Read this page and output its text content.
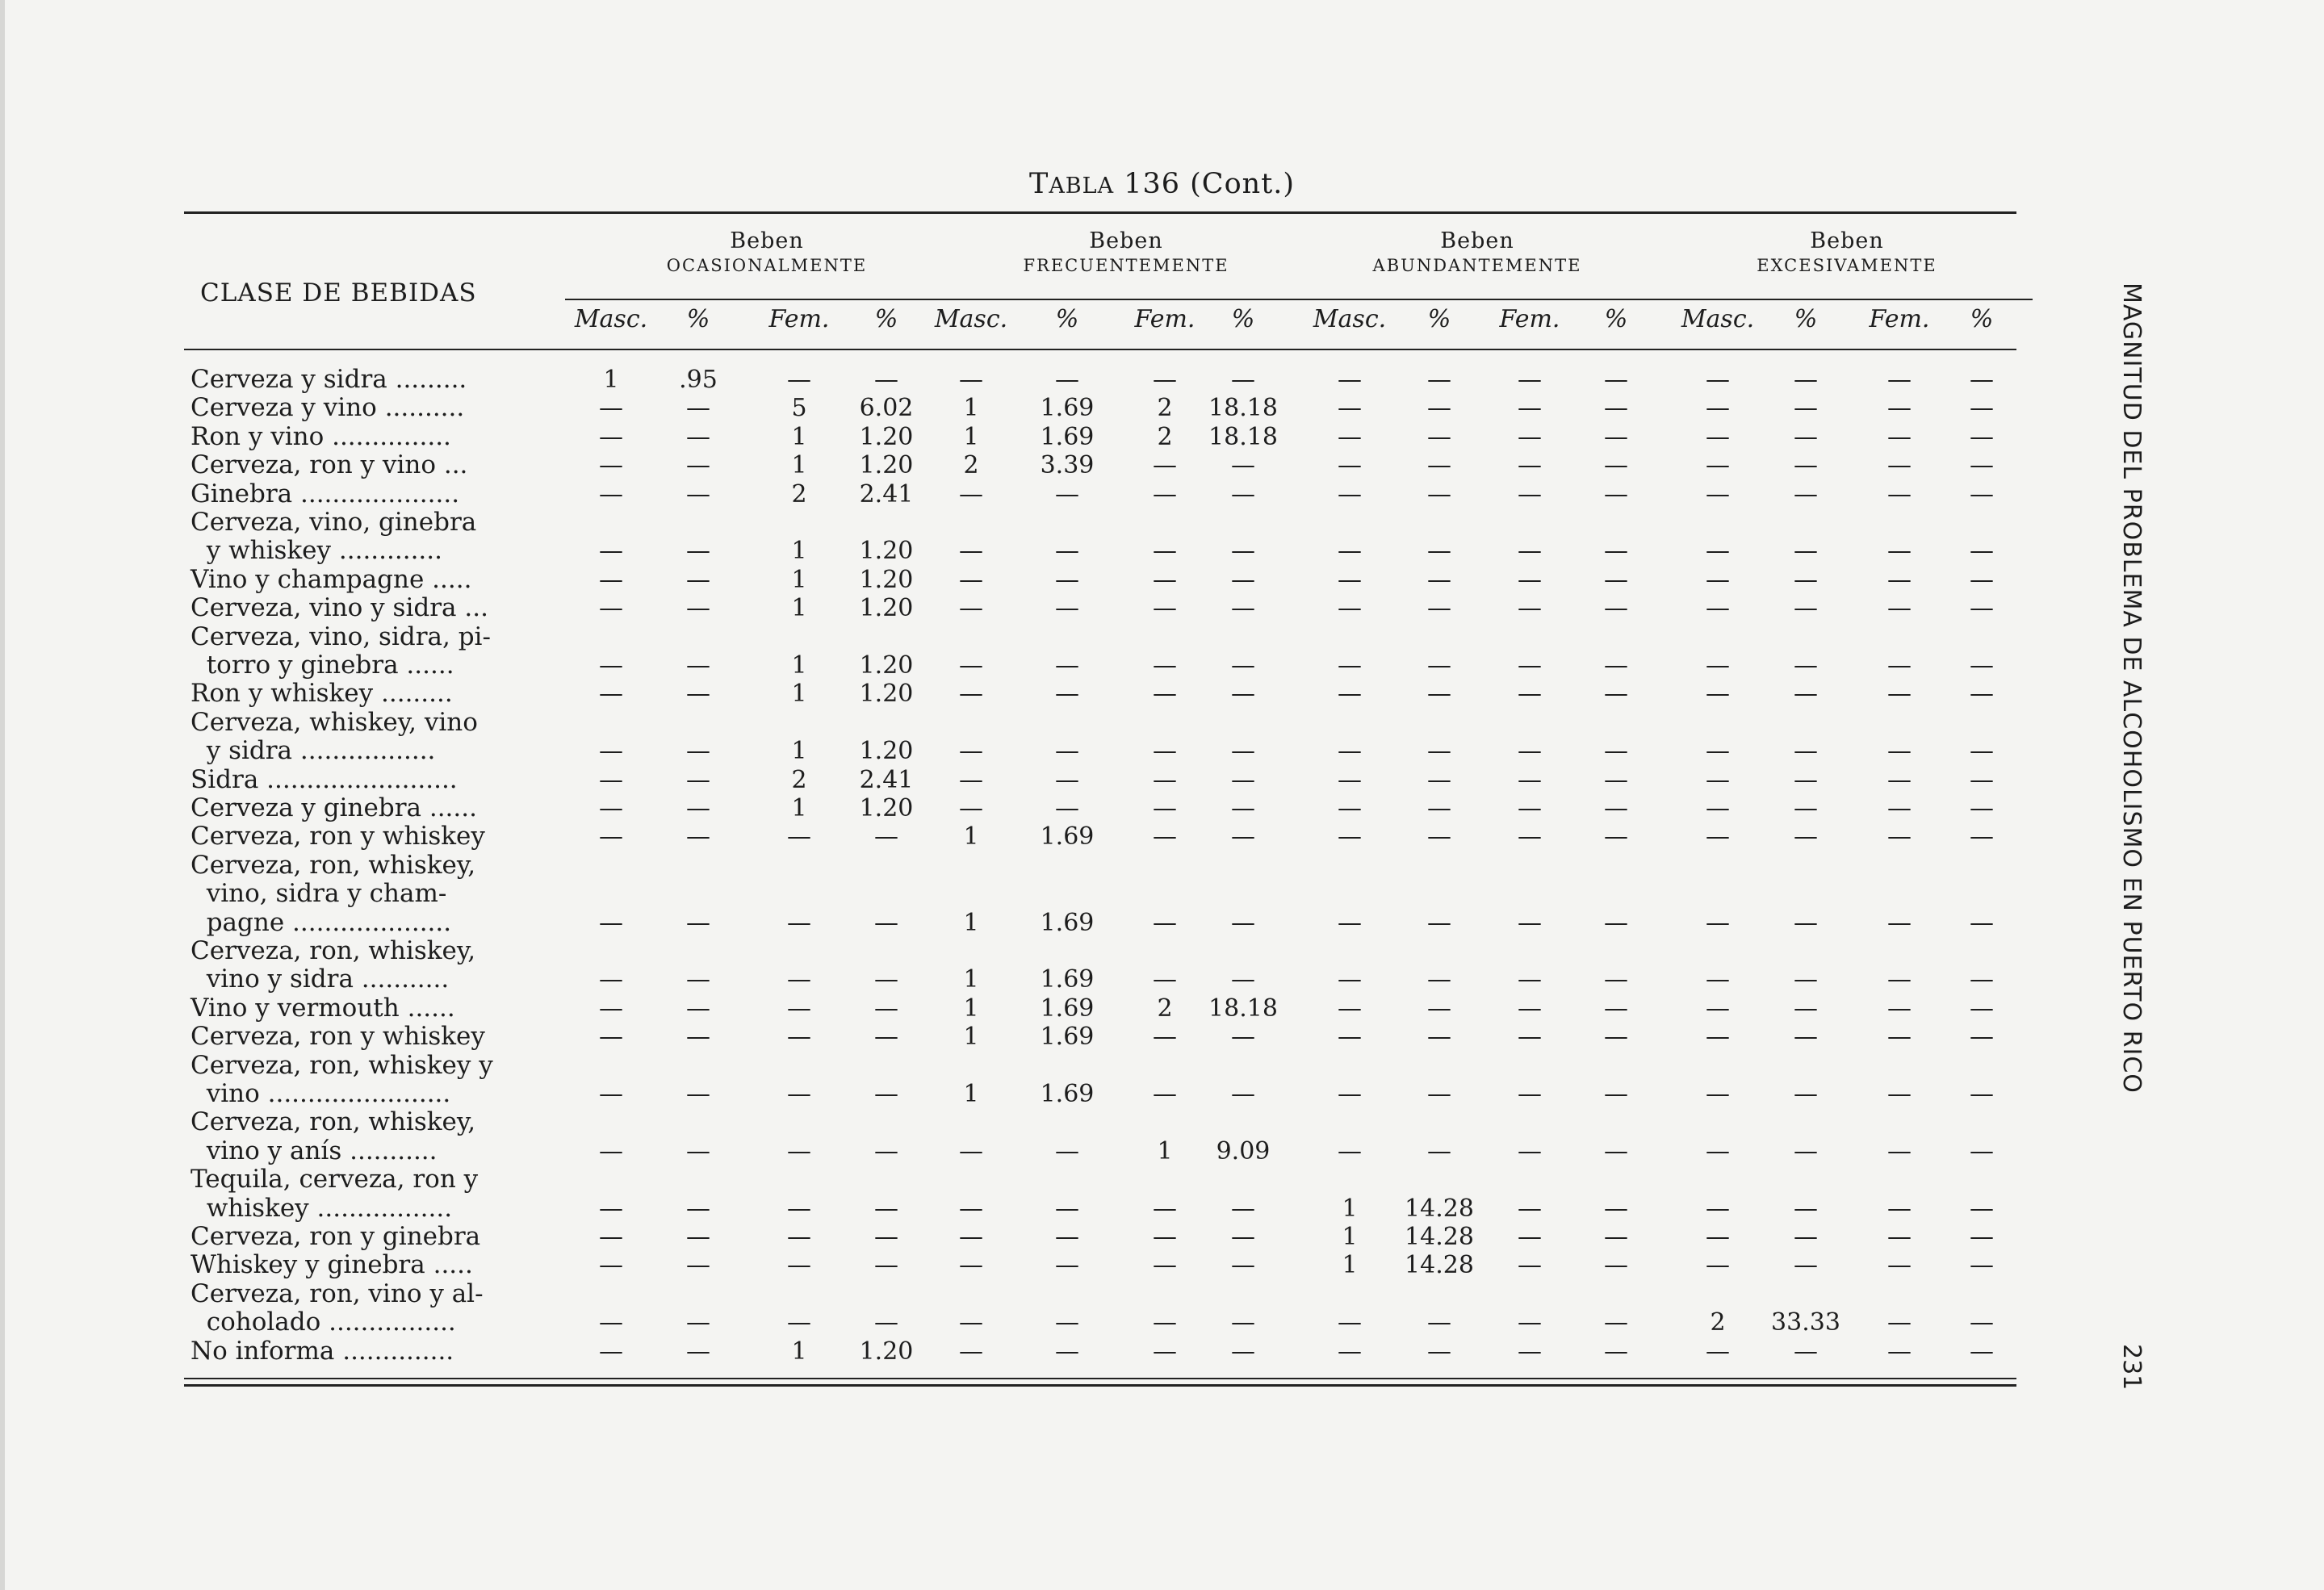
TABLA 136 (Cont.)
CLASE DE BEBIDAS
Beben
OCASIONALMENTE
Beben
FRECUENTEMENTE
Beben
ABUNDANTEMENTE
Beben
EXCESIVAMENTE
Masc.	%	Fem.	%	Masc.	%	Fem.	%	Masc.	%	Fem.	%	Masc.	%	Fem.	%
Cerveza y sidra .........	1	.95	—	—	—	—	—	—	—	—	—	—	—	—	—	—
Cerveza y vino ..........	—	—	5	6.02	1	1.69	2	18.18	—	—	—	—	—	—	—	—
Ron y vino ...............	—	—	1	1.20	1	1.69	2	18.18	—	—	—	—	—	—	—	—
Cerveza, ron y vino ...	—	—	1	1.20	2	3.39	—	—	—	—	—	—	—	—	—	—
Ginebra ....................	—	—	2	2.41	—	—	—	—	—	—	—	—	—	—	—	—
Cerveza, vino, ginebra
y whiskey .............	—	—	1	1.20	—	—	—	—	—	—	—	—	—	—	—	—
Vino y champagne .....	—	—	1	1.20	—	—	—	—	—	—	—	—	—	—	—	—
Cerveza, vino y sidra ...	—	—	1	1.20	—	—	—	—	—	—	—	—	—	—	—	—
Cerveza, vino, sidra, pi-
torro y ginebra ......	—	—	1	1.20	—	—	—	—	—	—	—	—	—	—	—	—
Ron y whiskey .........	—	—	1	1.20	—	—	—	—	—	—	—	—	—	—	—	—
Cerveza, whiskey, vino
y sidra .................	—	—	1	1.20	—	—	—	—	—	—	—	—	—	—	—	—
Sidra ........................	—	—	2	2.41	—	—	—	—	—	—	—	—	—	—	—	—
Cerveza y ginebra ......	—	—	1	1.20	—	—	—	—	—	—	—	—	—	—	—	—
Cerveza, ron y whiskey	—	—	—	—	1	1.69	—	—	—	—	—	—	—	—	—	—
Cerveza, ron, whiskey,
vino, sidra y cham-
pagne ....................	—	—	—	—	1	1.69	—	—	—	—	—	—	—	—	—	—
Cerveza, ron, whiskey,
vino y sidra ...........	—	—	—	—	1	1.69	—	—	—	—	—	—	—	—	—	—
Vino y vermouth ......	—	—	—	—	1	1.69	2	18.18	—	—	—	—	—	—	—	—
Cerveza, ron y whiskey	—	—	—	—	1	1.69	—	—	—	—	—	—	—	—	—	—
Cerveza, ron, whiskey y
vino .......................	—	—	—	—	1	1.69	—	—	—	—	—	—	—	—	—	—
Cerveza, ron, whiskey,
vino y anís ...........	—	—	—	—	—	—	1	9.09	—	—	—	—	—	—	—	—
Tequila, cerveza, ron y
whiskey .................	—	—	—	—	—	—	—	—	1	14.28	—	—	—	—	—	—
Cerveza, ron y ginebra	—	—	—	—	—	—	—	—	1	14.28	—	—	—	—	—	—
Whiskey y ginebra .....	—	—	—	—	—	—	—	—	1	14.28	—	—	—	—	—	—
Cerveza, ron, vino y al-
coholado ................	—	—	—	—	—	—	—	—	—	—	—	—	2	33.33	—	—
No informa ..............	—	—	1	1.20	—	—	—	—	—	—	—	—	—	—	—	—
MAGNITUD DEL PROBLEMA DE ALCOHOLISMO EN PUERTO RICO
231
